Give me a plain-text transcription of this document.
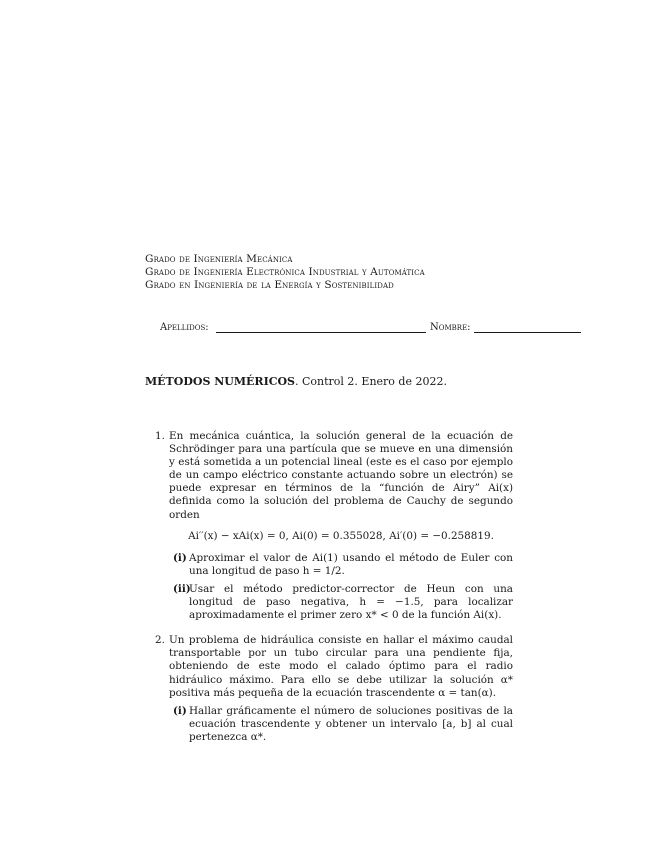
Grado de Ingeniería Mecánica
Grado de Ingeniería Electrónica Industrial y Automática
Grado en Ingeniería de la Energía y Sostenibilidad
Apellidos:	Nombre:
MÉTODOS NUMÉRICOS. Control 2. Enero de 2022.
1. En mecánica cuántica, la solución general de la ecuación de Schrödinger para una partícula que se mueve en una dimensión y está sometida a un potencial lineal (este es el caso por ejemplo de un campo eléctrico constante actuando sobre un electrón) se puede expresar en términos de la “función de Airy” Ai(x) definida como la solución del problema de Cauchy de segundo orden
Ai′′(x) − xAi(x) = 0, Ai(0) = 0.355028, Ai′(0) = −0.258819.
(i) Aproximar el valor de Ai(1) usando el método de Euler con una longitud de paso h = 1/2.
(ii)
Usar el método predictor-corrector de Heun con una longitud de paso negativa, h = −1.5, para localizar aproximadamente el primer zero x* < 0 de la función Ai(x).
2. Un problema de hidráulica consiste en hallar el máximo caudal transportable por un tubo circular para una pendiente fija, obteniendo de este modo el calado óptimo para el radio hidráulico máximo. Para ello se debe utilizar la solución α* positiva más pequeña de la ecuación trascendente α = tan(α).
(i) Hallar gráficamente el número de soluciones positivas de la ecuación trascendente y obtener un intervalo [a, b] al cual pertenezca α*.
